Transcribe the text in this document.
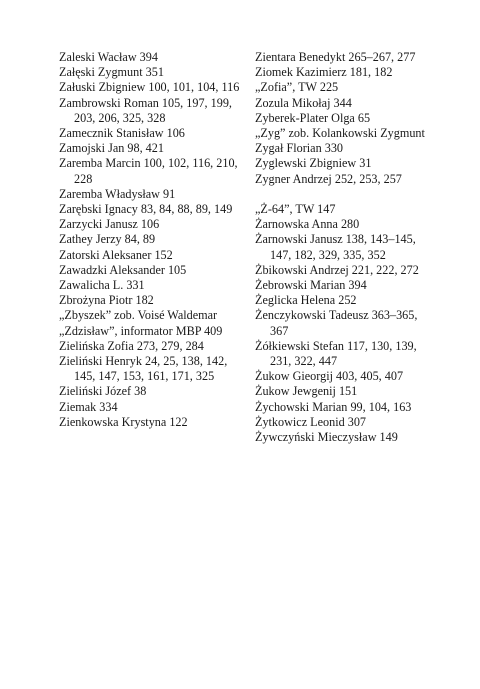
Zaleski Wacław 394
Załęski Zygmunt 351
Załuski Zbigniew 100, 101, 104, 116
Zambrowski Roman 105, 197, 199, 203, 206, 325, 328
Zamecznik Stanisław 106
Zamojski Jan 98, 421
Zaremba Marcin 100, 102, 116, 210, 228
Zaremba Władysław 91
Zarębski Ignacy 83, 84, 88, 89, 149
Zarzycki Janusz 106
Zathey Jerzy 84, 89
Zatorski Aleksaner 152
Zawadzki Aleksander 105
Zawalicha L. 331
Zbrożyna Piotr 182
„Zbyszek” zob. Voisé Waldemar
„Zdzisław”, informator MBP 409
Zielińska Zofia 273, 279, 284
Zieliński Henryk 24, 25, 138, 142, 145, 147, 153, 161, 171, 325
Zieliński Józef 38
Ziemak 334
Zienkowska Krystyna 122
Zientara Benedykt 265–267, 277
Ziomek Kazimierz 181, 182
„Zofia”, TW 225
Zozula Mikołaj 344
Zyberek-Plater Olga 65
„Zyg” zob. Kolankowski Zygmunt
Zygał Florian 330
Zyglewski Zbigniew 31
Zygner Andrzej 252, 253, 257
„Ż-64”, TW 147
Żarnowska Anna 280
Żarnowski Janusz 138, 143–145, 147, 182, 329, 335, 352
Żbikowski Andrzej 221, 222, 272
Żebrowski Marian 394
Żeglicka Helena 252
Żenczykowski Tadeusz 363–365, 367
Żółkiewski Stefan 117, 130, 139, 231, 322, 447
Żukow Gieorgij 403, 405, 407
Żukow Jewgenij 151
Żychowski Marian 99, 104, 163
Żytkowicz Leonid 307
Żywczyński Mieczysław 149
